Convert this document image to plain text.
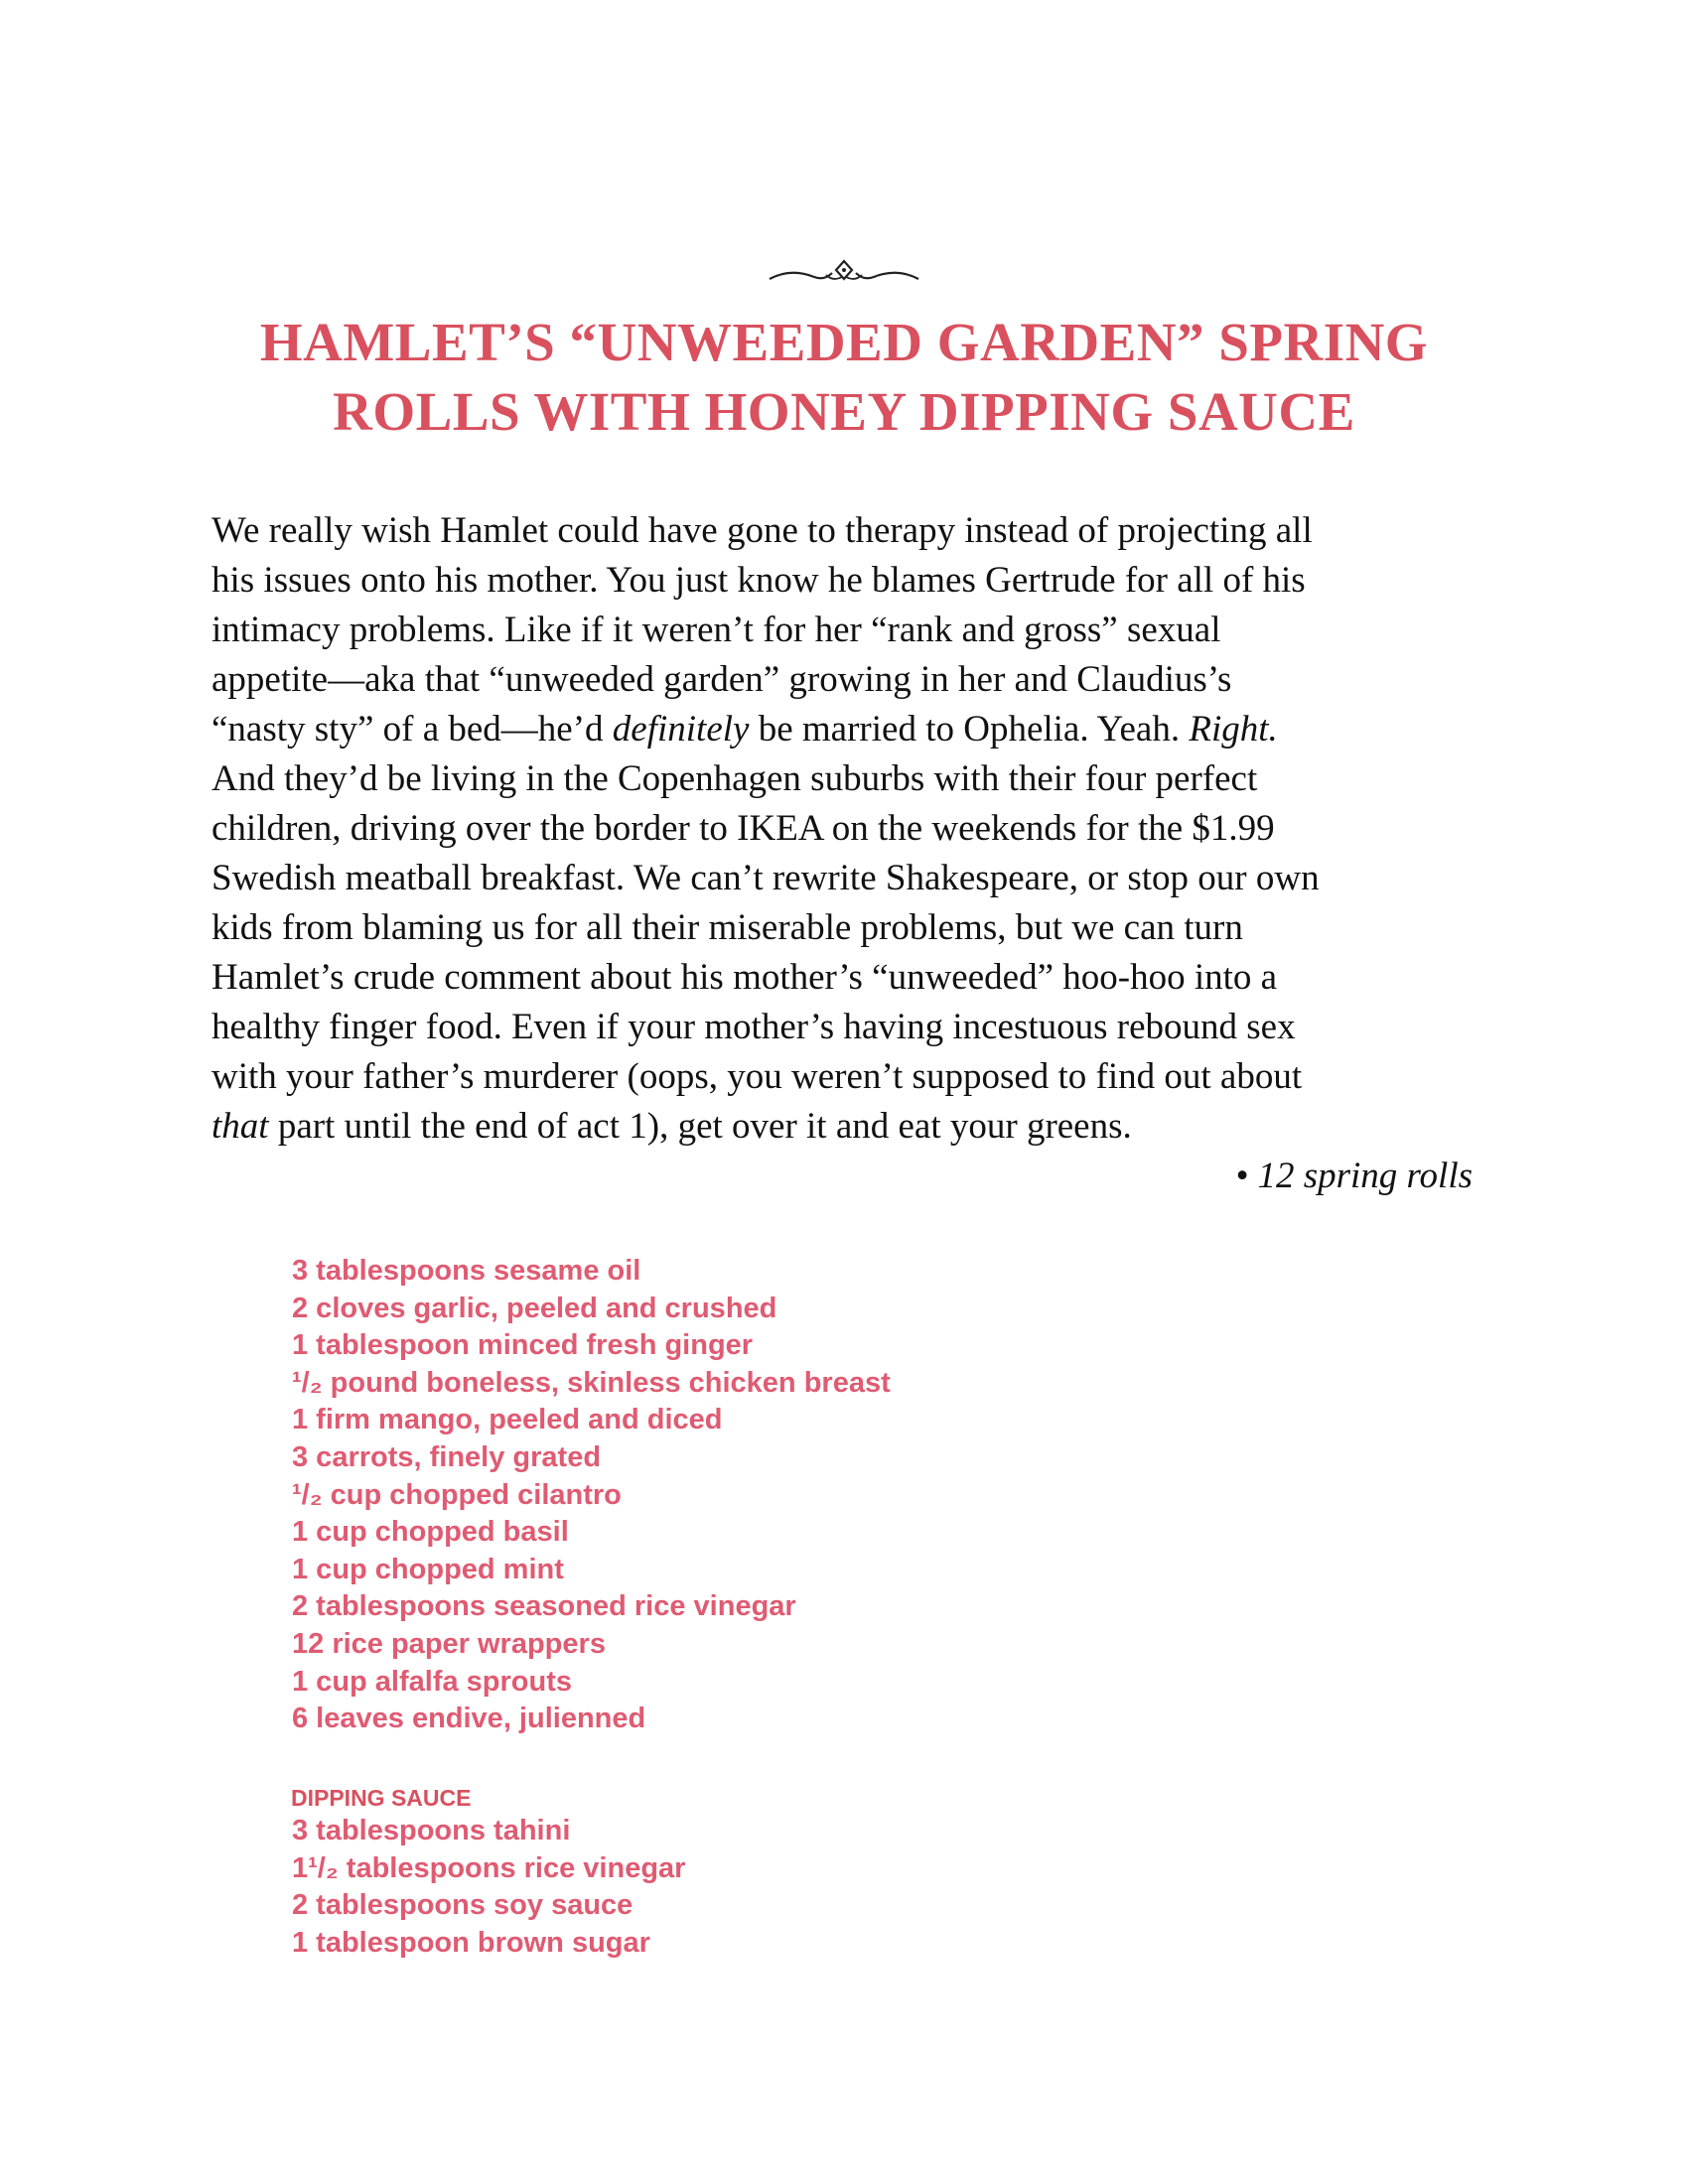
HAMLET’S “UNWEEDED GARDEN” SPRING
ROLLS WITH HONEY DIPPING SAUCE
We really wish Hamlet could have gone to therapy instead of projecting all
his issues onto his mother. You just know he blames Gertrude for all of his
intimacy problems. Like if it weren’t for her “rank and gross” sexual
appetite—aka that “unweeded garden” growing in her and Claudius’s
“nasty sty” of a bed—he’d definitely be married to Ophelia. Yeah. Right.
And they’d be living in the Copenhagen suburbs with their four perfect
children, driving over the border to IKEA on the weekends for the $1.99
Swedish meatball breakfast. We can’t rewrite Shakespeare, or stop our own
kids from blaming us for all their miserable problems, but we can turn
Hamlet’s crude comment about his mother’s “unweeded” hoo-hoo into a
healthy finger food. Even if your mother’s having incestuous rebound sex
with your father’s murderer (oops, you weren’t supposed to find out about
that part until the end of act 1), get over it and eat your greens.
• 12 spring rolls
3 tablespoons sesame oil
2 cloves garlic, peeled and crushed
1 tablespoon minced fresh ginger
¹/₂ pound boneless, skinless chicken breast
1 firm mango, peeled and diced
3 carrots, finely grated
¹/₂ cup chopped cilantro
1 cup chopped basil
1 cup chopped mint
2 tablespoons seasoned rice vinegar
12 rice paper wrappers
1 cup alfalfa sprouts
6 leaves endive, julienned
DIPPING SAUCE
3 tablespoons tahini
1¹/₂ tablespoons rice vinegar
2 tablespoons soy sauce
1 tablespoon brown sugar
